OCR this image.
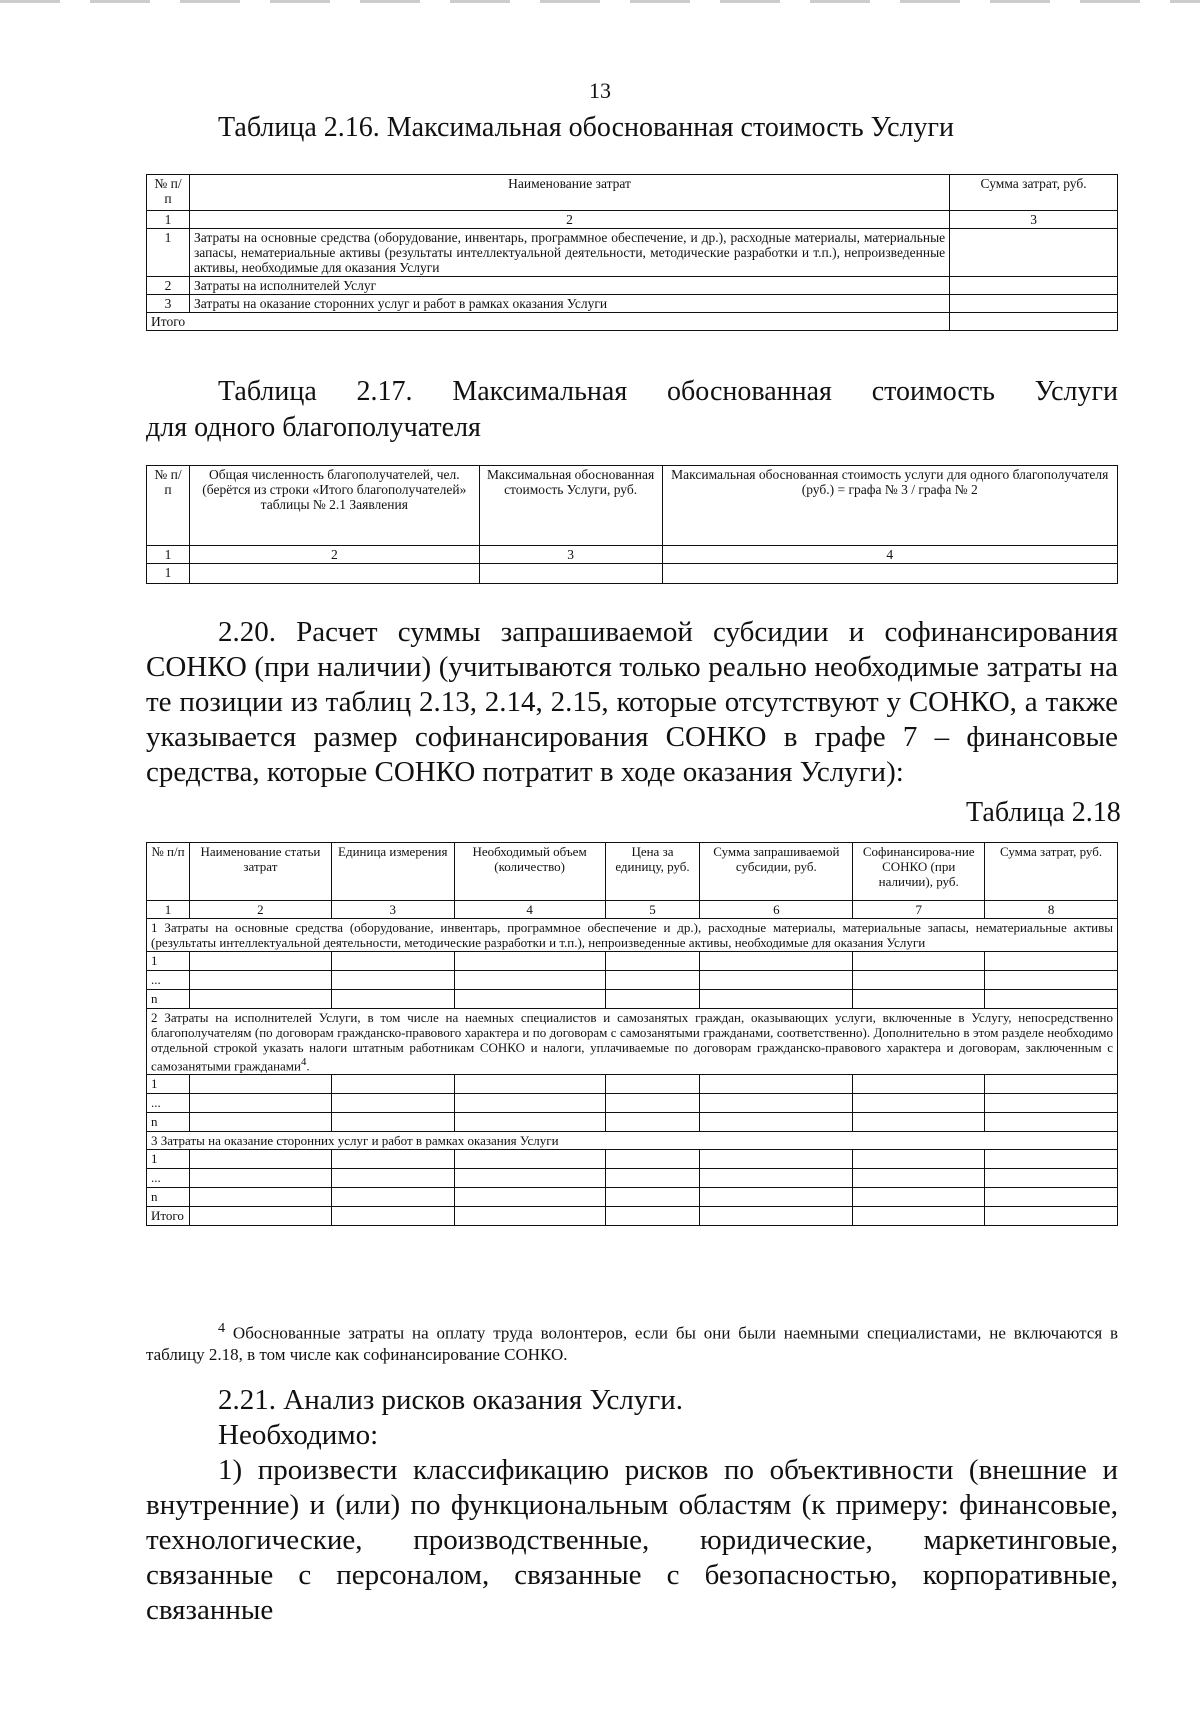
13
Таблица 2.16. Максимальная обоснованная стоимость Услуги
№ п/п	Наименование затрат	Сумма затрат, руб.
1	2	3
1	Затраты на основные средства (оборудование, инвентарь, программное обеспечение, и др.), расходные материалы, материальные запасы, нематериальные активы (результаты интеллектуальной деятельности, методические разработки и т.п.), непроизведенные активы, необходимые для оказания Услуги	
2	Затраты на исполнителей Услуг	
3	Затраты на оказание сторонних услуг и работ в рамках оказания Услуги	
Итого		
Таблица 2.17. Максимальная обоснованная стоимость Услуги
для одного благополучателя
№ п/п	Общая численность благополучателей, чел. (берётся из строки «Итого благополучателей» таблицы № 2.1 Заявления	Максимальная обоснованная стоимость Услуги, руб.	Максимальная обоснованная стоимость услуги для одного благополучателя (руб.) = графа № 3 / графа № 2
1	2	3	4
1			
2.20. Расчет суммы запрашиваемой субсидии и софинансирования СОНКО (при наличии) (учитываются только реально необходимые затраты на те позиции из таблиц 2.13, 2.14, 2.15, которые отсутствуют у СОНКО, а также указывается размер софинансирования СОНКО в графе 7 – финансовые средства, которые СОНКО потратит в ходе оказания Услуги):
Таблица 2.18
№ п/п	Наименование статьи затрат	Единица измерения	Необходимый объем (количество)	Цена за единицу, руб.	Сумма запрашиваемой субсидии, руб.	Софинансирова-ние СОНКО (при наличии), руб.	Сумма затрат, руб.
1	2	3	4	5	6	7	8
1 Затраты на основные средства (оборудование, инвентарь, программное обеспечение и др.), расходные материалы, материальные запасы, нематериальные активы (результаты интеллектуальной деятельности, методические разработки и т.п.), непроизведенные активы, необходимые для оказания Услуги							
1							
...							
n							
2 Затраты на исполнителей Услуги, в том числе на наемных специалистов и самозанятых граждан, оказывающих услуги, включенные в Услугу, непосредственно благополучателям (по договорам гражданско-правового характера и по договорам с самозанятыми гражданами, соответственно). Дополнительно в этом разделе необходимо отдельной строкой указать налоги штатным работникам СОНКО и налоги, уплачиваемые по договорам гражданско-правового характера и договорам, заключенным с самозанятыми гражданами$^4$.							
1							
...							
n							
3 Затраты на оказание сторонних услуг и работ в рамках оказания Услуги							
1							
...							
n							
Итого							
$^4$ Обоснованные затраты на оплату труда волонтеров, если бы они были наемными специалистами, не включаются в таблицу 2.18, в том числе как софинансирование СОНКО.
2.21. Анализ рисков оказания Услуги.
Необходимо:
1) произвести классификацию рисков по объективности (внешние и внутренние) и (или) по функциональным областям (к примеру: финансовые, технологические, производственные, юридические, маркетинговые, связанные с персоналом, связанные с безопасностью, корпоративные, связанные
